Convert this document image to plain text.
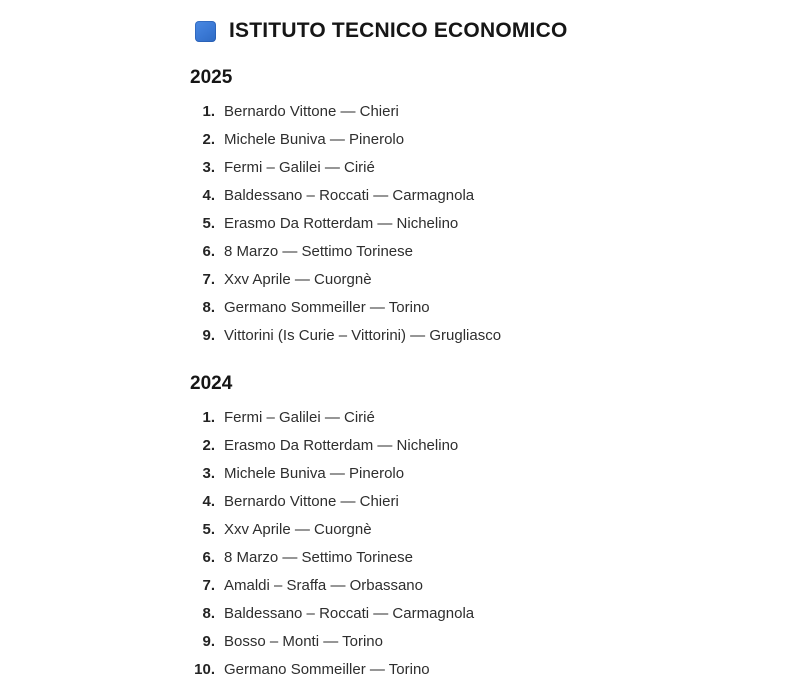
ISTITUTO TECNICO ECONOMICO
2025
1. Bernardo Vittone — Chieri
2. Michele Buniva — Pinerolo
3. Fermi – Galilei — Cirié
4. Baldessano – Roccati — Carmagnola
5. Erasmo Da Rotterdam — Nichelino
6. 8 Marzo — Settimo Torinese
7. Xxv Aprile — Cuorgnè
8. Germano Sommeiller — Torino
9. Vittorini (Is Curie – Vittorini) — Grugliasco
2024
1. Fermi – Galilei — Cirié
2. Erasmo Da Rotterdam — Nichelino
3. Michele Buniva — Pinerolo
4. Bernardo Vittone — Chieri
5. Xxv Aprile — Cuorgnè
6. 8 Marzo — Settimo Torinese
7. Amaldi – Sraffa — Orbassano
8. Baldessano – Roccati — Carmagnola
9. Bosso – Monti — Torino
10. Germano Sommeiller — Torino
